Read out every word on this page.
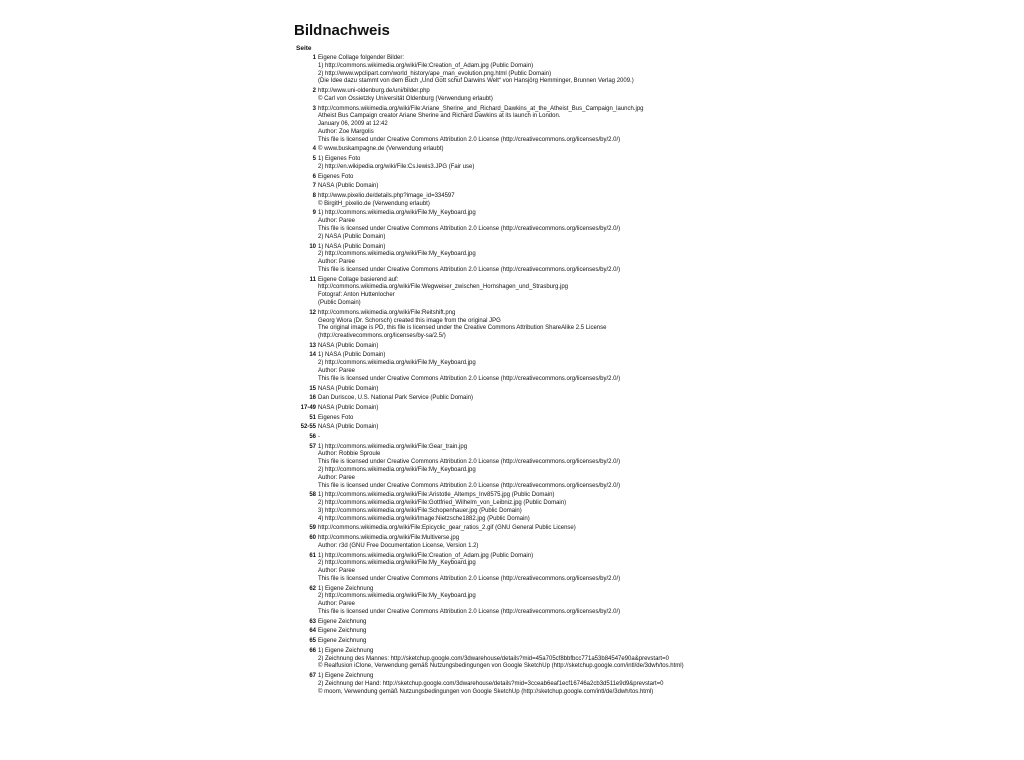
Bildnachweis
Seite
1 Eigene Collage folgender Bilder:
1) http://commons.wikimedia.org/wiki/File:Creation_of_Adam.jpg (Public Domain)
2) http://www.wpclipart.com/world_history/ape_man_evolution.png.html (Public Domain)
(Die Idee dazu stammt von dem Buch „Und Gott schuf Darwins Welt“ von Hansjörg Hemminger, Brunnen Verlag 2009.)
2 http://www.uni-oldenburg.de/uni/bilder.php
© Carl von Ossietzky Universität Oldenburg (Verwendung erlaubt)
3 http://commons.wikimedia.org/wiki/File:Ariane_Sherine_and_Richard_Dawkins_at_the_Atheist_Bus_Campaign_launch.jpg
Atheist Bus Campaign creator Ariane Sherine and Richard Dawkins at its launch in London.
January 06, 2009 at 12:42
Author: Zoe Margolis
This file is licensed under Creative Commons Attribution 2.0 License (http://creativecommons.org/licenses/by/2.0/)
4 © www.buskampagne.de (Verwendung erlaubt)
5 1) Eigenes Foto
2) http://en.wikipedia.org/wiki/File:Cs.lewis3.JPG (Fair use)
6 Eigenes Foto
7 NASA (Public Domain)
8 http://www.pixelio.de/details.php?image_id=334597
© BirgitH_pixelio.de (Verwendung erlaubt)
9 1) http://commons.wikimedia.org/wiki/File:My_Keyboard.jpg
Author: Paree
This file is licensed under Creative Commons Attribution 2.0 License (http://creativecommons.org/licenses/by/2.0/)
2) NASA (Public Domain)
10 1) NASA (Public Domain)
2) http://commons.wikimedia.org/wiki/File:My_Keyboard.jpg
Author: Paree
This file is licensed under Creative Commons Attribution 2.0 License (http://creativecommons.org/licenses/by/2.0/)
11 Eigene Collage basierend auf:
http://commons.wikimedia.org/wiki/File:Wegweiser_zwischen_Hornshagen_und_Strasburg.jpg
Fotograf: Anton Huttenlocher
(Public Domain)
12 http://commons.wikimedia.org/wiki/File:Reitshift.png
Georg Wiora (Dr. Schorsch) created this image from the original JPG
The original image is PD, this file is licensed under the Creative Commons Attribution ShareAlike 2.5 License
(http://creativecommons.org/licenses/by-sa/2.5/)
13 NASA (Public Domain)
14 1) NASA (Public Domain)
2) http://commons.wikimedia.org/wiki/File:My_Keyboard.jpg
Author: Paree
This file is licensed under Creative Commons Attribution 2.0 License (http://creativecommons.org/licenses/by/2.0/)
15 NASA (Public Domain)
16 Dan Duriscoe, U.S. National Park Service (Public Domain)
17-49 NASA (Public Domain)
51 Eigenes Foto
52-55 NASA (Public Domain)
56 -
57 1) http://commons.wikimedia.org/wiki/File:Gear_train.jpg
Author: Robbie Sproule
This file is licensed under Creative Commons Attribution 2.0 License (http://creativecommons.org/licenses/by/2.0/)
2) http://commons.wikimedia.org/wiki/File:My_Keyboard.jpg
Author: Paree
This file is licensed under Creative Commons Attribution 2.0 License (http://creativecommons.org/licenses/by/2.0/)
58 1) http://commons.wikimedia.org/wiki/File:Aristotle_Altemps_Inv8575.jpg (Public Domain)
2) http://commons.wikimedia.org/wiki/File:Gottfried_Wilhelm_von_Leibniz.jpg (Public Domain)
3) http://commons.wikimedia.org/wiki/File:Schopenhauer.jpg (Public Domain)
4) http://commons.wikimedia.org/wiki/Image:Nietzsche1882.jpg (Public Domain)
59 http://commons.wikimedia.org/wiki/File:Epicyclic_gear_ratios_2.gif (GNU General Public License)
60 http://commons.wikimedia.org/wiki/File:Multiverse.jpg
Author: r3d (GNU Free Documentation License, Version 1.2)
61 1) http://commons.wikimedia.org/wiki/File:Creation_of_Adam.jpg (Public Domain)
2) http://commons.wikimedia.org/wiki/File:My_Keyboard.jpg
Author: Paree
This file is licensed under Creative Commons Attribution 2.0 License (http://creativecommons.org/licenses/by/2.0/)
62 1) Eigene Zeichnung
2) http://commons.wikimedia.org/wiki/File:My_Keyboard.jpg
Author: Paree
This file is licensed under Creative Commons Attribution 2.0 License (http://creativecommons.org/licenses/by/2.0/)
63 Eigene Zeichnung
64 Eigene Zeichnung
65 Eigene Zeichnung
66 1) Eigene Zeichnung
2) Zeichnung des Mannes: http://sketchup.google.com/3dwarehouse/details?mid=45a705cf8bbfbcc771a53b84547e90a&prevstart=0
© Realfusion iClone, Verwendung gemäß Nutzungsbedingungen von Google SketchUp (http://sketchup.google.com/intl/de/3dwh/tos.html)
67 1) Eigene Zeichnung
2) Zeichnung der Hand: http://sketchup.google.com/3dwarehouse/details?mid=3cceab6eaf1ecf16746a2cb3d511e9d9&prevstart=0
© moom, Verwendung gemäß Nutzungsbedingungen von Google SketchUp (http://sketchup.google.com/intl/de/3dwh/tos.html)
